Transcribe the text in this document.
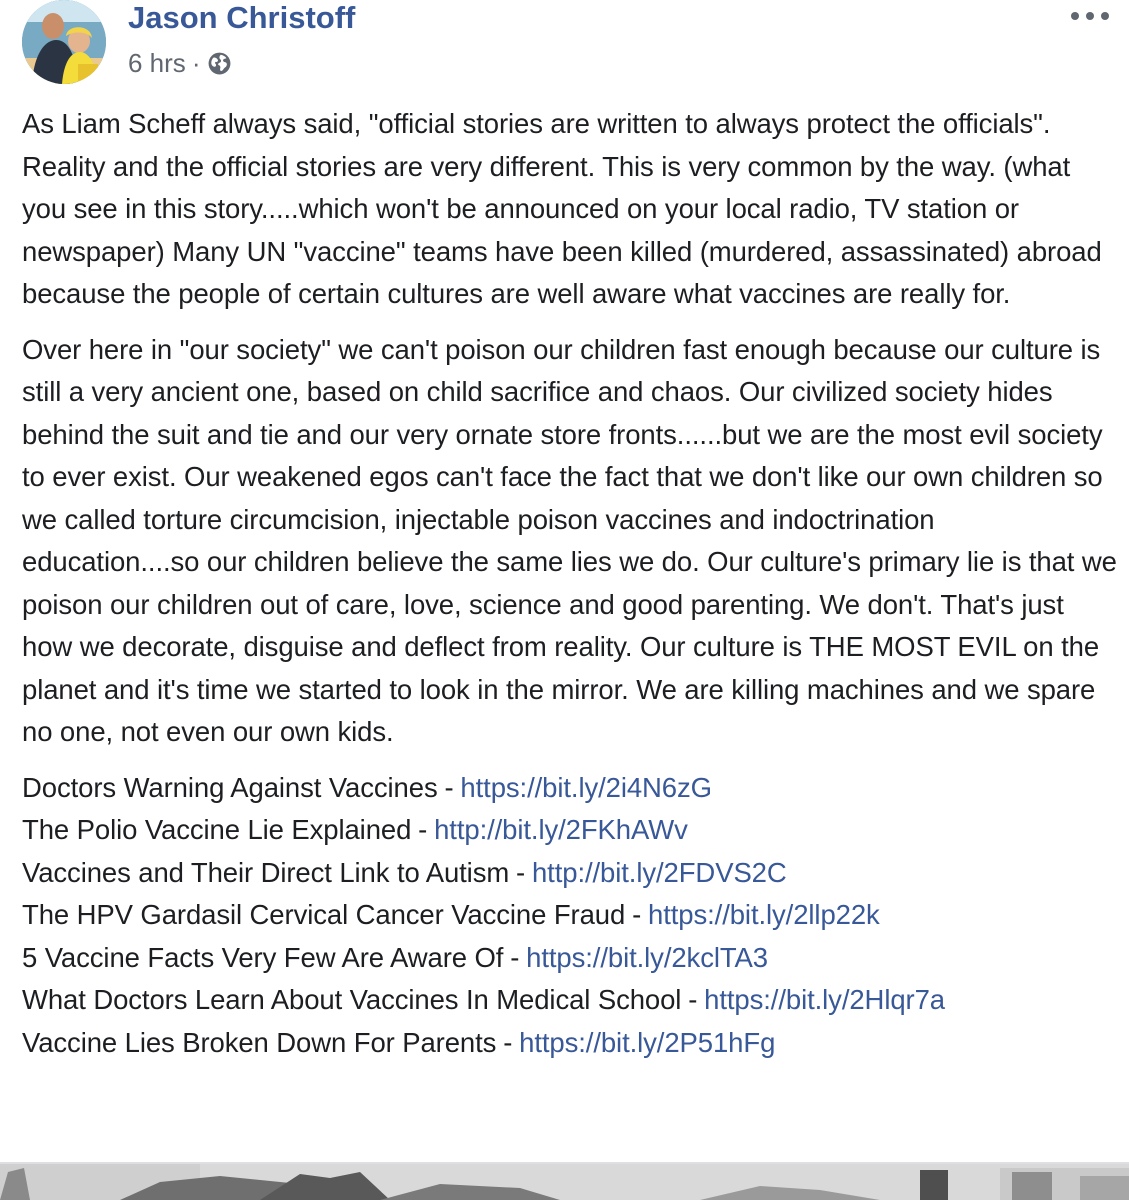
Jason Christoff
6 hrs ·

As Liam Scheff always said, "official stories are written to always protect the officials". Reality and the official stories are very different. This is very common by the way. (what you see in this story.....which won't be announced on your local radio, TV station or newspaper) Many UN "vaccine" teams have been killed (murdered, assassinated) abroad because the people of certain cultures are well aware what vaccines are really for.

Over here in "our society" we can't poison our children fast enough because our culture is still a very ancient one, based on child sacrifice and chaos. Our civilized society hides behind the suit and tie and our very ornate store fronts......but we are the most evil society to ever exist. Our weakened egos can't face the fact that we don't like our own children so we called torture circumcision, injectable poison vaccines and indoctrination education....so our children believe the same lies we do. Our culture's primary lie is that we poison our children out of care, love, science and good parenting. We don't. That's just how we decorate, disguise and deflect from reality. Our culture is THE MOST EVIL on the planet and it's time we started to look in the mirror. We are killing machines and we spare no one, not even our own kids.

Doctors Warning Against Vaccines - https://bit.ly/2i4N6zG
The Polio Vaccine Lie Explained - http://bit.ly/2FKhAWv
Vaccines and Their Direct Link to Autism - http://bit.ly/2FDVS2C
The HPV Gardasil Cervical Cancer Vaccine Fraud - https://bit.ly/2llp22k
5 Vaccine Facts Very Few Are Aware Of - https://bit.ly/2kclTA3
What Doctors Learn About Vaccines In Medical School - https://bit.ly/2Hlqr7a
Vaccine Lies Broken Down For Parents - https://bit.ly/2P51hFg
